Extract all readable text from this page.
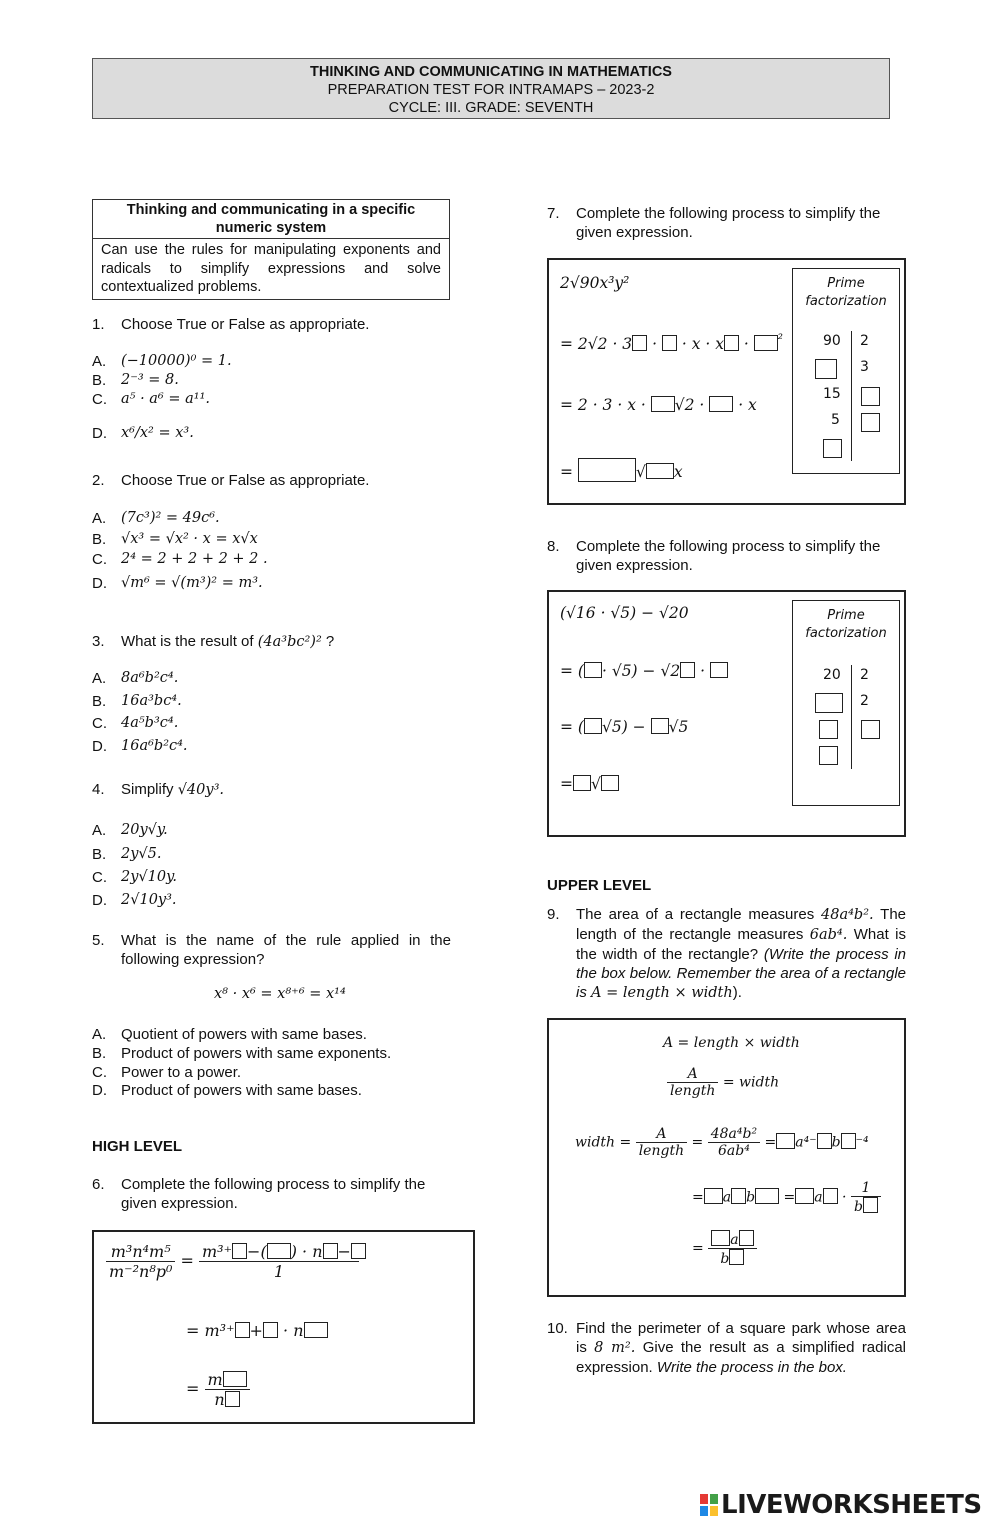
THINKING AND COMMUNICATING IN MATHEMATICS
PREPARATION TEST FOR INTRAMAPS – 2023-2
CYCLE: III. GRADE: SEVENTH
Thinking and communicating in a specific numeric system
Can use the rules for manipulating exponents and radicals to simplify expressions and solve contextualized problems.
1. Choose True or False as appropriate.
A. (−10000)⁰ = 1.
B. 2⁻³ = 8.
C. a⁵ · a⁶ = a¹¹.
D. x⁶/x² = x³.
2. Choose True or False as appropriate.
A. (7c³)² = 49c⁶.
B. √x³ = √x² · x = x√x
C. 2⁴ = 2 + 2 + 2 + 2 .
D. √m⁶ = √(m³)² = m³.
3. What is the result of (4a³bc²)² ?
A. 8a⁶b²c⁴.
B. 16a³bc⁴.
C. 4a⁵b³c⁴.
D. 16a⁶b²c⁴.
4. Simplify √40y³.
A. 20y√y.
B. 2y√5.
C. 2y√10y.
D. 2√10y³.
5. What is the name of the rule applied in the following expression?
x⁸ · x⁶ = x⁸⁺⁶ = x¹⁴
A. Quotient of powers with same bases.
B. Product of powers with same exponents.
C. Power to a power.
D. Product of powers with same bases.
HIGH LEVEL
6. Complete the following process to simplify the given expression.
$\frac{\text{m³n⁴m⁵}}{\text{m⁻²n⁸p⁰}} = \frac{\text{m³⁺ −( ) · n −}}{1}$
= m³⁺ + · n
= $\frac{m}{n}$
7. Complete the following process to simplify the given expression.
2√90x³y²
= 2√2 · 3 ·  · x · x · $^{^2}$
= 2 · 3 · x · √2 ·  · x
=	√ x
Prime factorization
90 2
3
15
5
8. Complete the following process to simplify the given expression.
(√16 · √5) − √20
= ( · √5) − √2 ·
= ( √5) − √5
= √
Prime factorization
20 2
2
UPPER LEVEL
9. The area of a rectangle measures 48a⁴b². The length of the rectangle measures 6ab⁴. What is the width of the rectangle? (Write the process in the box below. Remember the area of a rectangle is A = length × width).
A = length × width
$\frac{A}{\text{length}}$ = width
width = $\frac{A}{\text{length}} = \frac{\text{48a⁴b²}}{\text{6ab⁴}} = a^{4-}$ b ⁻⁴
= a $b = a \cdot \frac{1}{b}$
= $\frac{a}{b}$
10. Find the perimeter of a square park whose area is 8 m². Give the result as a simplified radical expression. Write the process in the box.
LIVEWORKSHEETS
